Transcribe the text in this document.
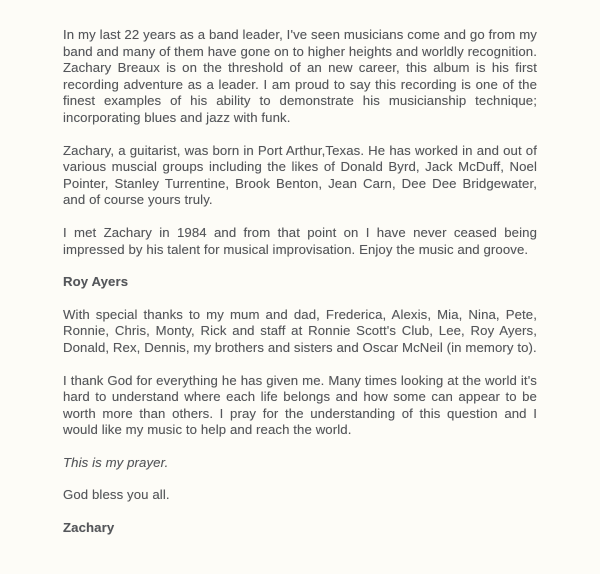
In my last 22 years as a band leader, I've seen musicians come and go from my band and many of them have gone on to higher heights and worldly recognition. Zachary Breaux is on the threshold of an new career, this album is his first recording adventure as a leader. I am proud to say this recording is one of the finest examples of his ability to demonstrate his musicianship technique; incorporating blues and jazz with funk.

Zachary, a guitarist, was born in Port Arthur,Texas. He has worked in and out of various muscial groups including the likes of Donald Byrd, Jack McDuff, Noel Pointer, Stanley Turrentine, Brook Benton, Jean Carn, Dee Dee Bridgewater, and of course yours truly.

I met Zachary in 1984 and from that point on I have never ceased being impressed by his talent for musical improvisation. Enjoy the music and groove.

Roy Ayers

With special thanks to my mum and dad, Frederica, Alexis, Mia, Nina, Pete, Ronnie, Chris, Monty, Rick and staff at Ronnie Scott's Club, Lee, Roy Ayers, Donald, Rex, Dennis, my brothers and sisters and Oscar McNeil (in memory to).

I thank God for everything he has given me. Many times looking at the world it's hard to understand where each life belongs and how some can appear to be worth more than others. I pray for the understanding of this question and I would like my music to help and reach the world.

This is my prayer.

God bless you all.

Zachary
